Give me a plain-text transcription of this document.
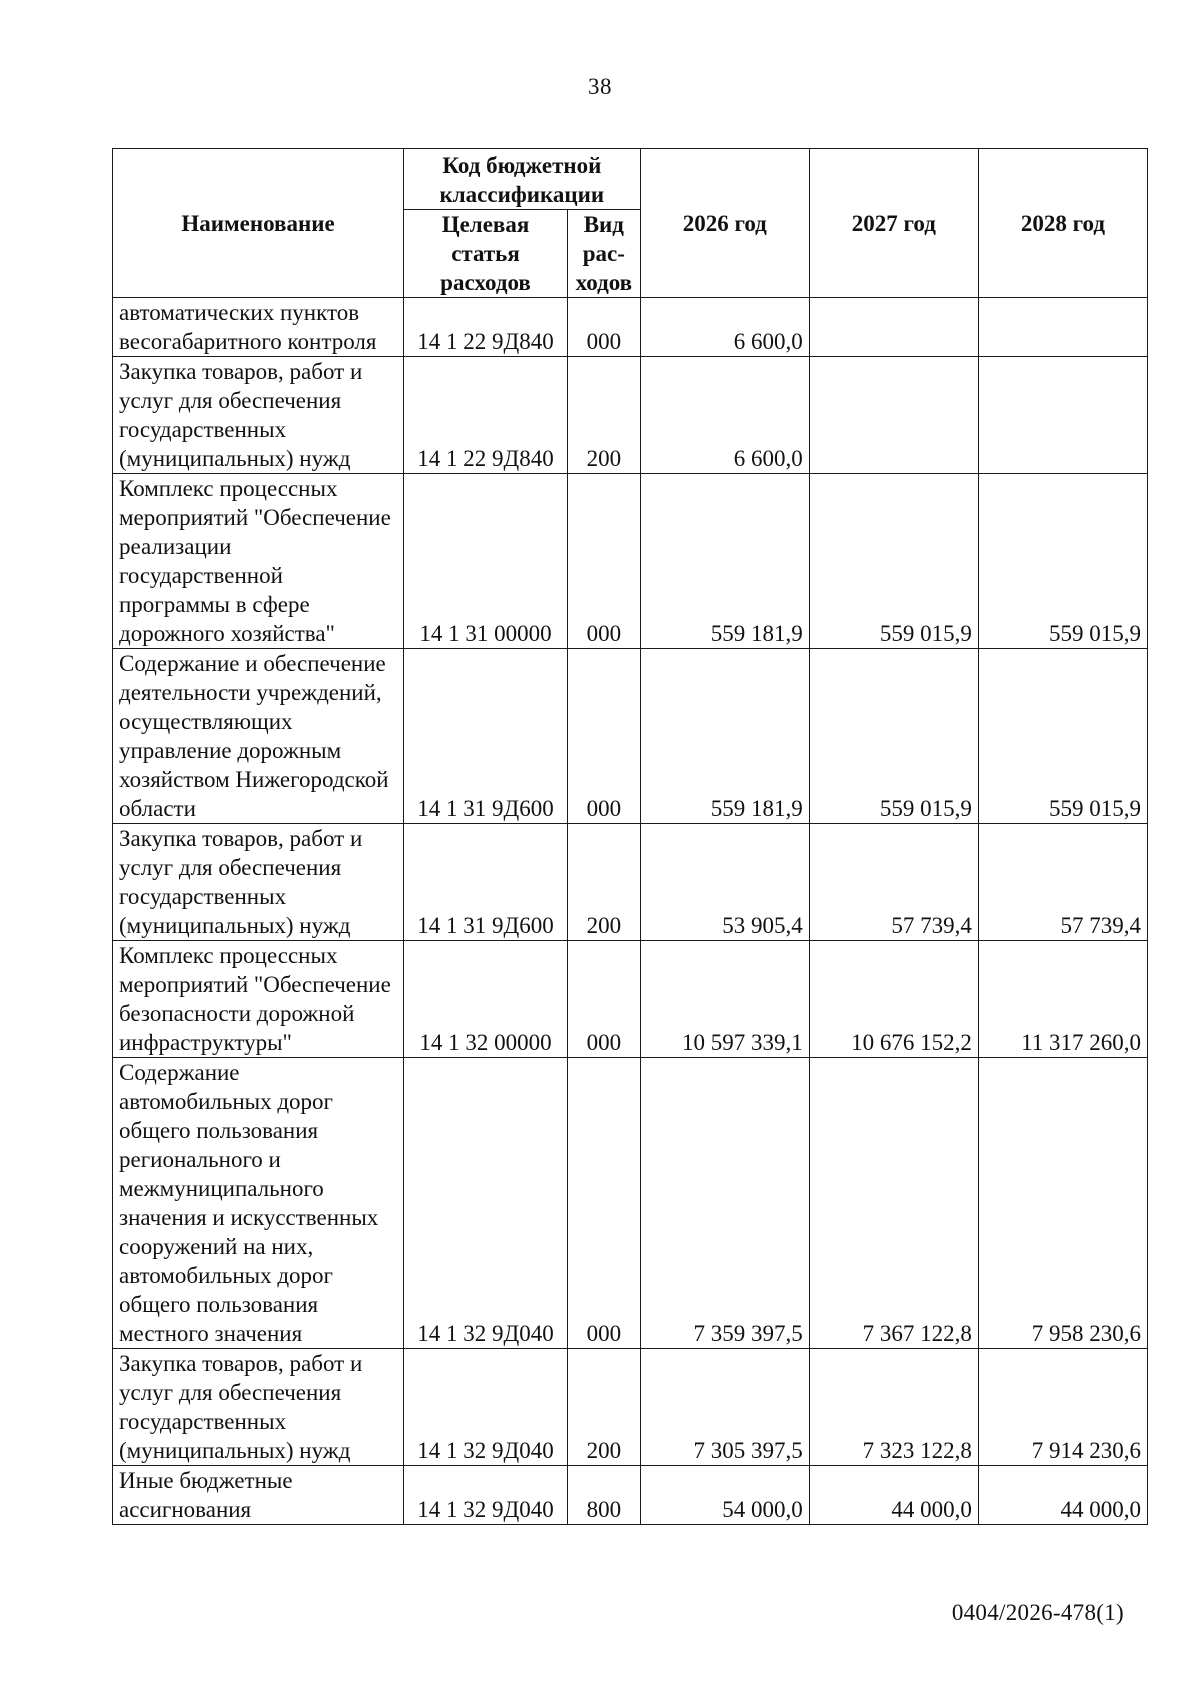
38
Наименование	Код бюджетной классификации		2026 год	2027 год	2028 год
	Целевая статья расходов	Вид рас-ходов			
автоматических пунктов весогабаритного контроля	14 1 22 9Д840	000	6 600,0		
Закупка товаров, работ и услуг для обеспечения государственных (муниципальных) нужд	14 1 22 9Д840	200	6 600,0		
Комплекс процессных мероприятий "Обеспечение реализации государственной программы в сфере дорожного хозяйства"	14 1 31 00000	000	559 181,9	559 015,9	559 015,9
Содержание и обеспечение деятельности учреждений, осуществляющих управление дорожным хозяйством Нижегородской области	14 1 31 9Д600	000	559 181,9	559 015,9	559 015,9
Закупка товаров, работ и услуг для обеспечения государственных (муниципальных) нужд	14 1 31 9Д600	200	53 905,4	57 739,4	57 739,4
Комплекс процессных мероприятий "Обеспечение безопасности дорожной инфраструктуры"	14 1 32 00000	000	10 597 339,1	10 676 152,2	11 317 260,0
Содержание автомобильных дорог общего пользования регионального и межмуниципального значения и искусственных сооружений на них, автомобильных дорог общего пользования местного значения	14 1 32 9Д040	000	7 359 397,5	7 367 122,8	7 958 230,6
Закупка товаров, работ и услуг для обеспечения государственных (муниципальных) нужд	14 1 32 9Д040	200	7 305 397,5	7 323 122,8	7 914 230,6
Иные бюджетные ассигнования	14 1 32 9Д040	800	54 000,0	44 000,0	44 000,0
0404/2026-478(1)
